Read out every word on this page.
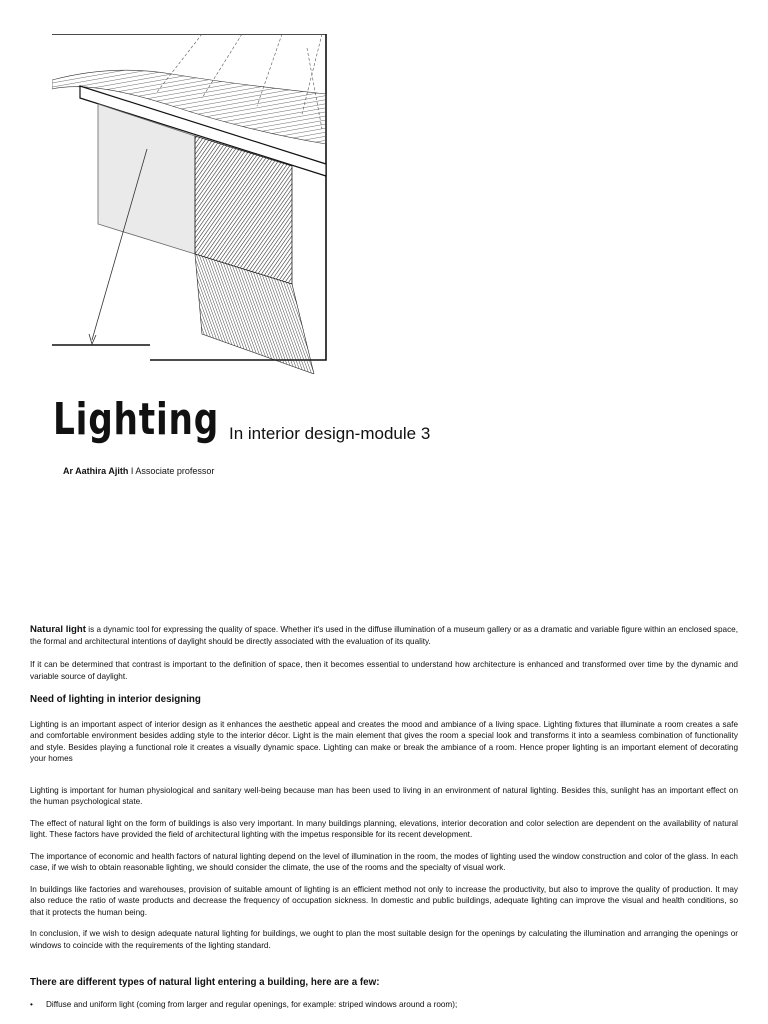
Lighting In interior design-module 3
Ar Aathira Ajith I Associate professor

Natural light is a dynamic tool for expressing the quality of space. Whether it's used in the diffuse illumination of a museum gallery or as a dramatic and variable figure within an enclosed space, the formal and architectural intentions of daylight should be directly associated with the evaluation of its quality.

If it can be determined that contrast is important to the definition of space, then it becomes essential to understand how architecture is enhanced and transformed over time by the dynamic and variable source of daylight.

Need of lighting in interior designing

Lighting is an important aspect of interior design as it enhances the aesthetic appeal and creates the mood and ambiance of a living space. Lighting fixtures that illuminate a room creates a safe and comfortable environment besides adding style to the interior décor. Light is the main element that gives the room a special look and transforms it into a seamless combination of functionality and style. Besides playing a functional role it creates a visually dynamic space. Lighting can make or break the ambiance of a room. Hence proper lighting is an important element of decorating your homes

Lighting is important for human physiological and sanitary well-being because man has been used to living in an environment of natural lighting. Besides this, sunlight has an important effect on the human psychological state.

The effect of natural light on the form of buildings is also very important. In many buildings planning, elevations, interior decoration and color selection are dependent on the availability of natural light. These factors have provided the field of architectural lighting with the impetus responsible for its recent development.

The importance of economic and health factors of natural lighting depend on the level of illumination in the room, the modes of lighting used the window construction and color of the glass. In each case, if we wish to obtain reasonable lighting, we should consider the climate, the use of the rooms and the specialty of visual work.

In buildings like factories and warehouses, provision of suitable amount of lighting is an efficient method not only to increase the productivity, but also to improve the quality of production. It may also reduce the ratio of waste products and decrease the frequency of occupation sickness. In domestic and public buildings, adequate lighting can improve the visual and health conditions, so that it protects the human being.

In conclusion, if we wish to design adequate natural lighting for buildings, we ought to plan the most suitable design for the openings by calculating the illumination and arranging the openings or windows to coincide with the requirements of the lighting standard.

There are different types of natural light entering a building, here are a few:

•	Diffuse and uniform light (coming from larger and regular openings, for example: striped windows around a room);
